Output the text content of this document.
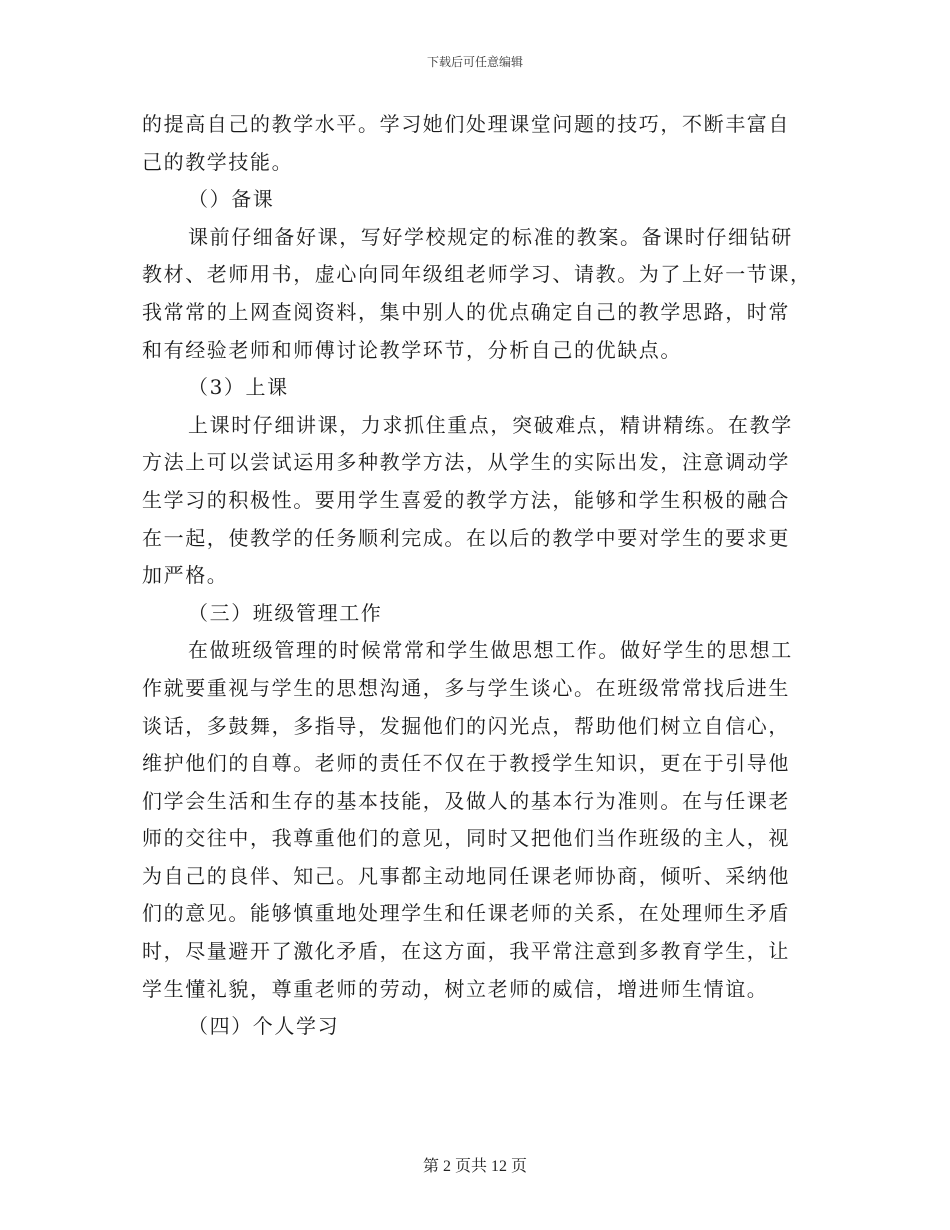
下载后可任意编辑
的提高自己的教学水平。学习她们处理课堂问题的技巧，不断丰富自
己的教学技能。
（）备课
课前仔细备好课，写好学校规定的标准的教案。备课时仔细钻研
教材、老师用书，虚心向同年级组老师学习、请教。为了上好一节课，
我常常的上网查阅资料，集中别人的优点确定自己的教学思路，时常
和有经验老师和师傅讨论教学环节，分析自己的优缺点。
（3）上课
上课时仔细讲课，力求抓住重点，突破难点，精讲精练。在教学
方法上可以尝试运用多种教学方法，从学生的实际出发，注意调动学
生学习的积极性。要用学生喜爱的教学方法，能够和学生积极的融合
在一起，使教学的任务顺利完成。在以后的教学中要对学生的要求更
加严格。
（三）班级管理工作
在做班级管理的时候常常和学生做思想工作。做好学生的思想工
作就要重视与学生的思想沟通，多与学生谈心。在班级常常找后进生
谈话，多鼓舞，多指导，发掘他们的闪光点，帮助他们树立自信心，
维护他们的自尊。老师的责任不仅在于教授学生知识，更在于引导他
们学会生活和生存的基本技能，及做人的基本行为准则。在与任课老
师的交往中，我尊重他们的意见，同时又把他们当作班级的主人，视
为自己的良伴、知己。凡事都主动地同任课老师协商，倾听、采纳他
们的意见。能够慎重地处理学生和任课老师的关系，在处理师生矛盾
时，尽量避开了激化矛盾，在这方面，我平常注意到多教育学生，让
学生懂礼貌，尊重老师的劳动，树立老师的威信，增进师生情谊。
（四）个人学习
第 2 页共 12 页
